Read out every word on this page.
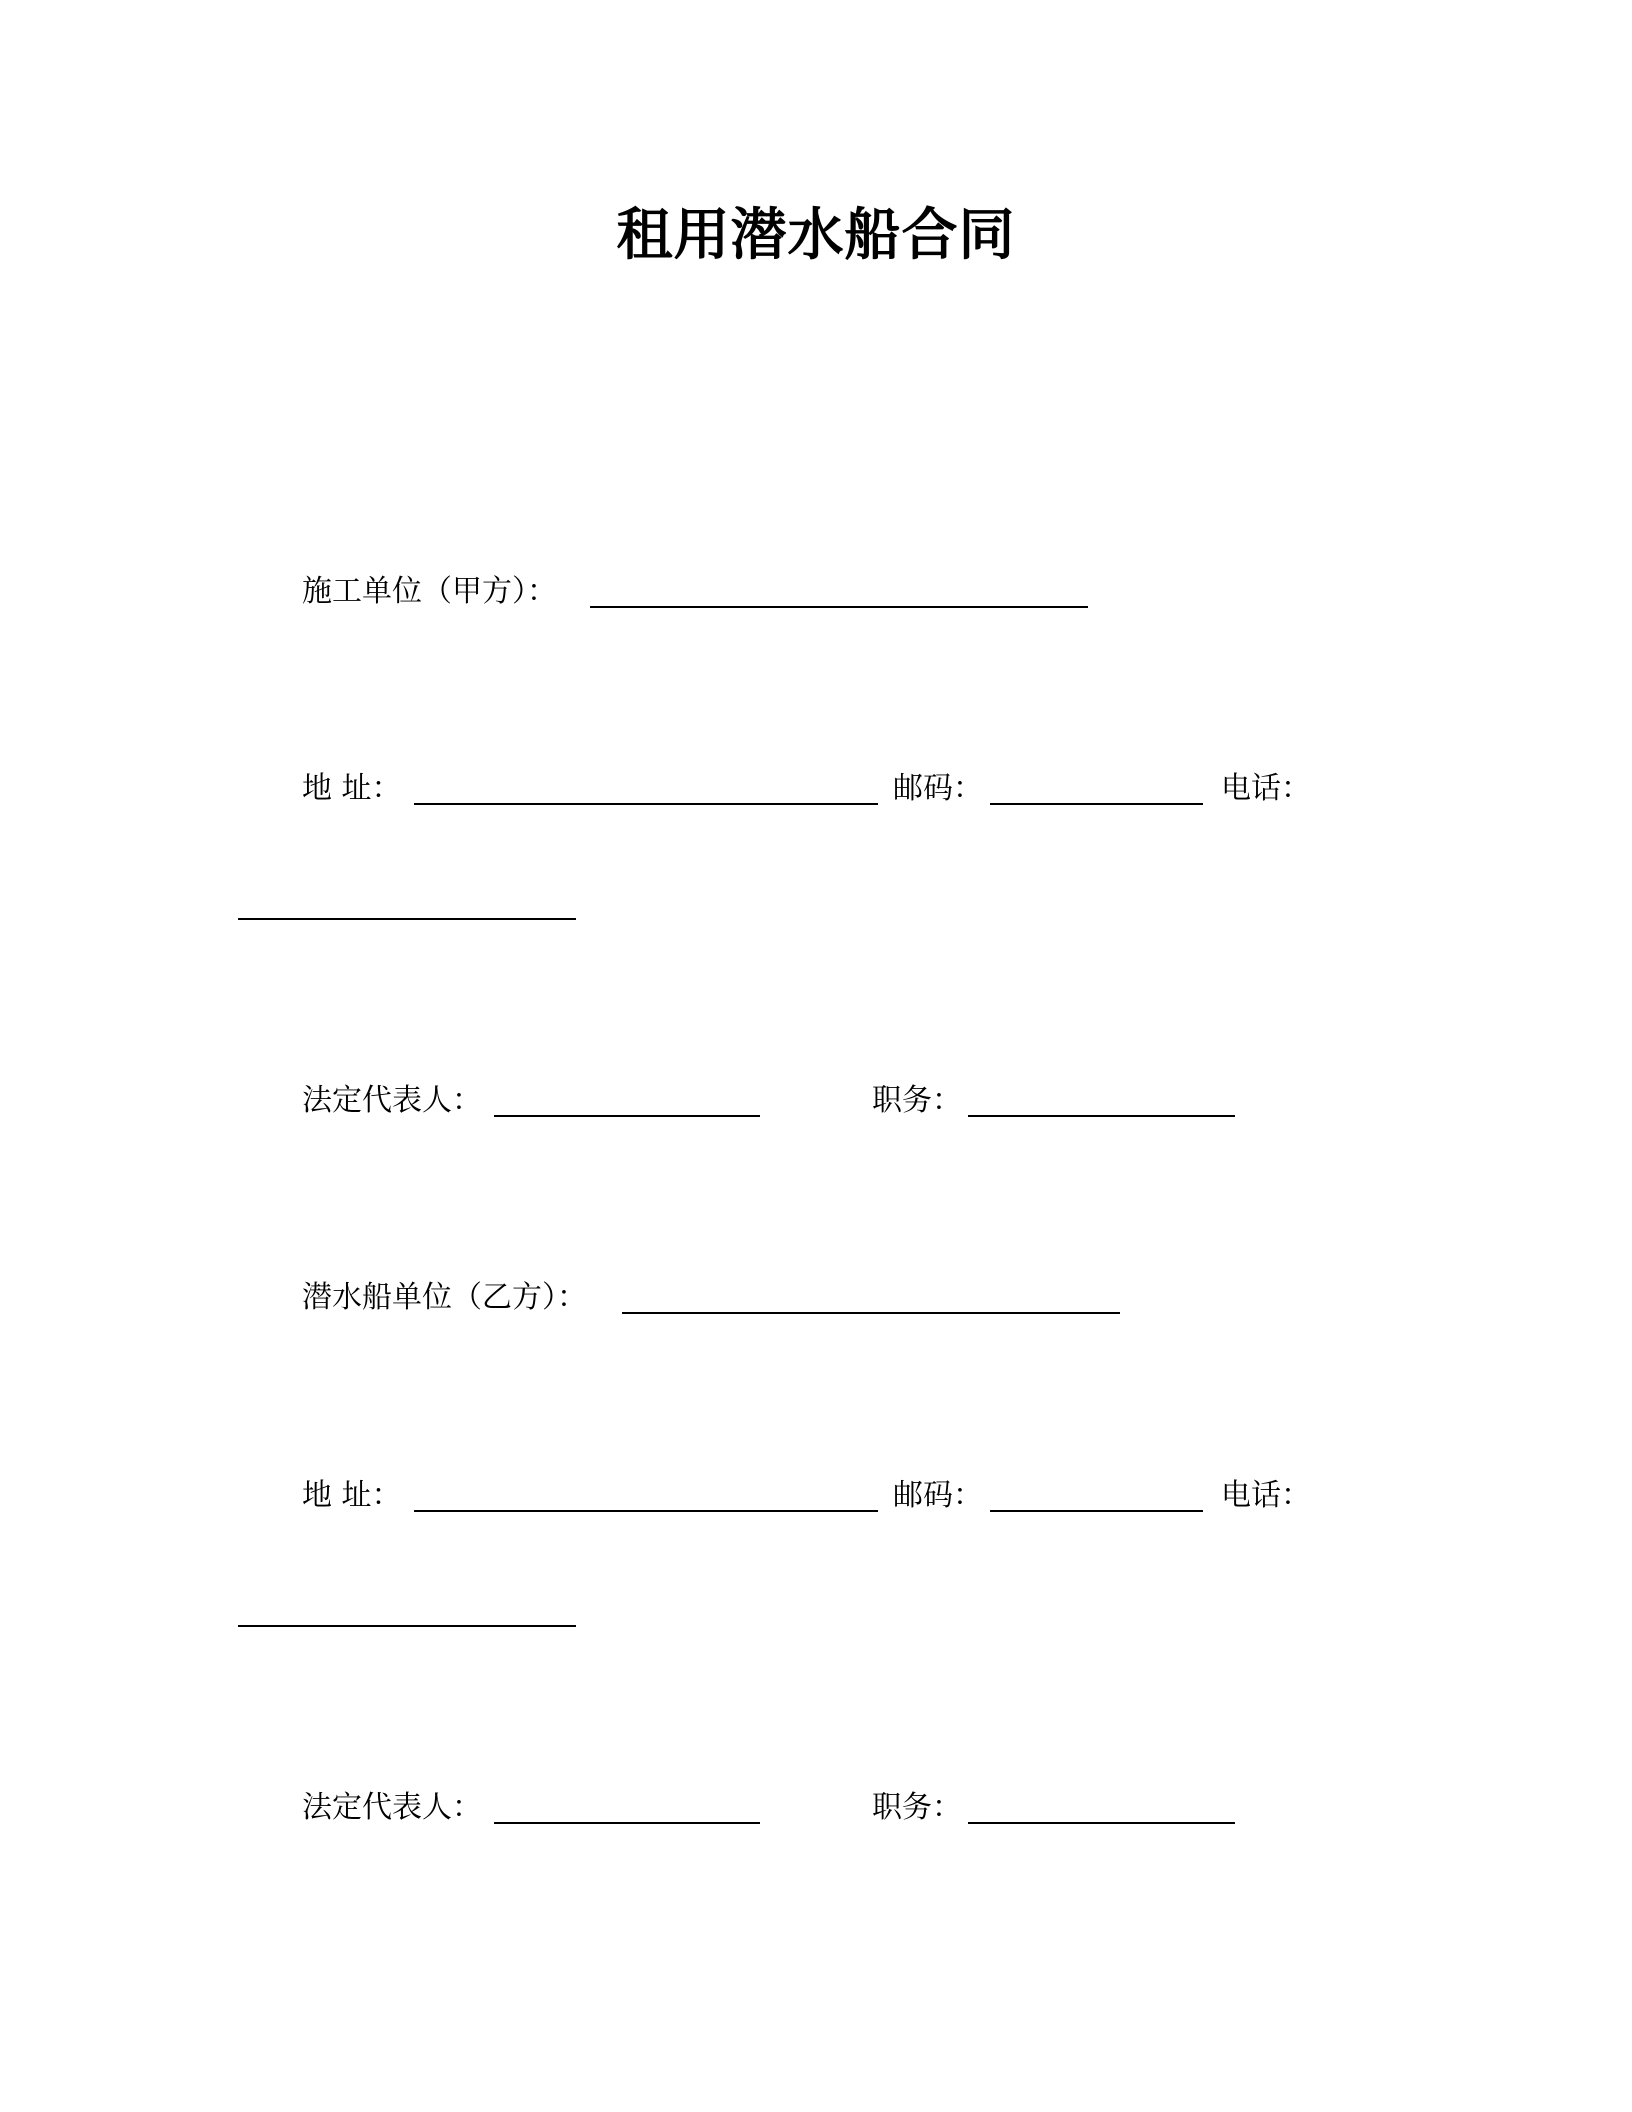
租用潜水船合同
施工单位（甲方）：
地 址：	邮码：	电话：
法定代表人：	职务：
潜水船单位（乙方）：
地 址：	邮码：	电话：
法定代表人：	职务：
